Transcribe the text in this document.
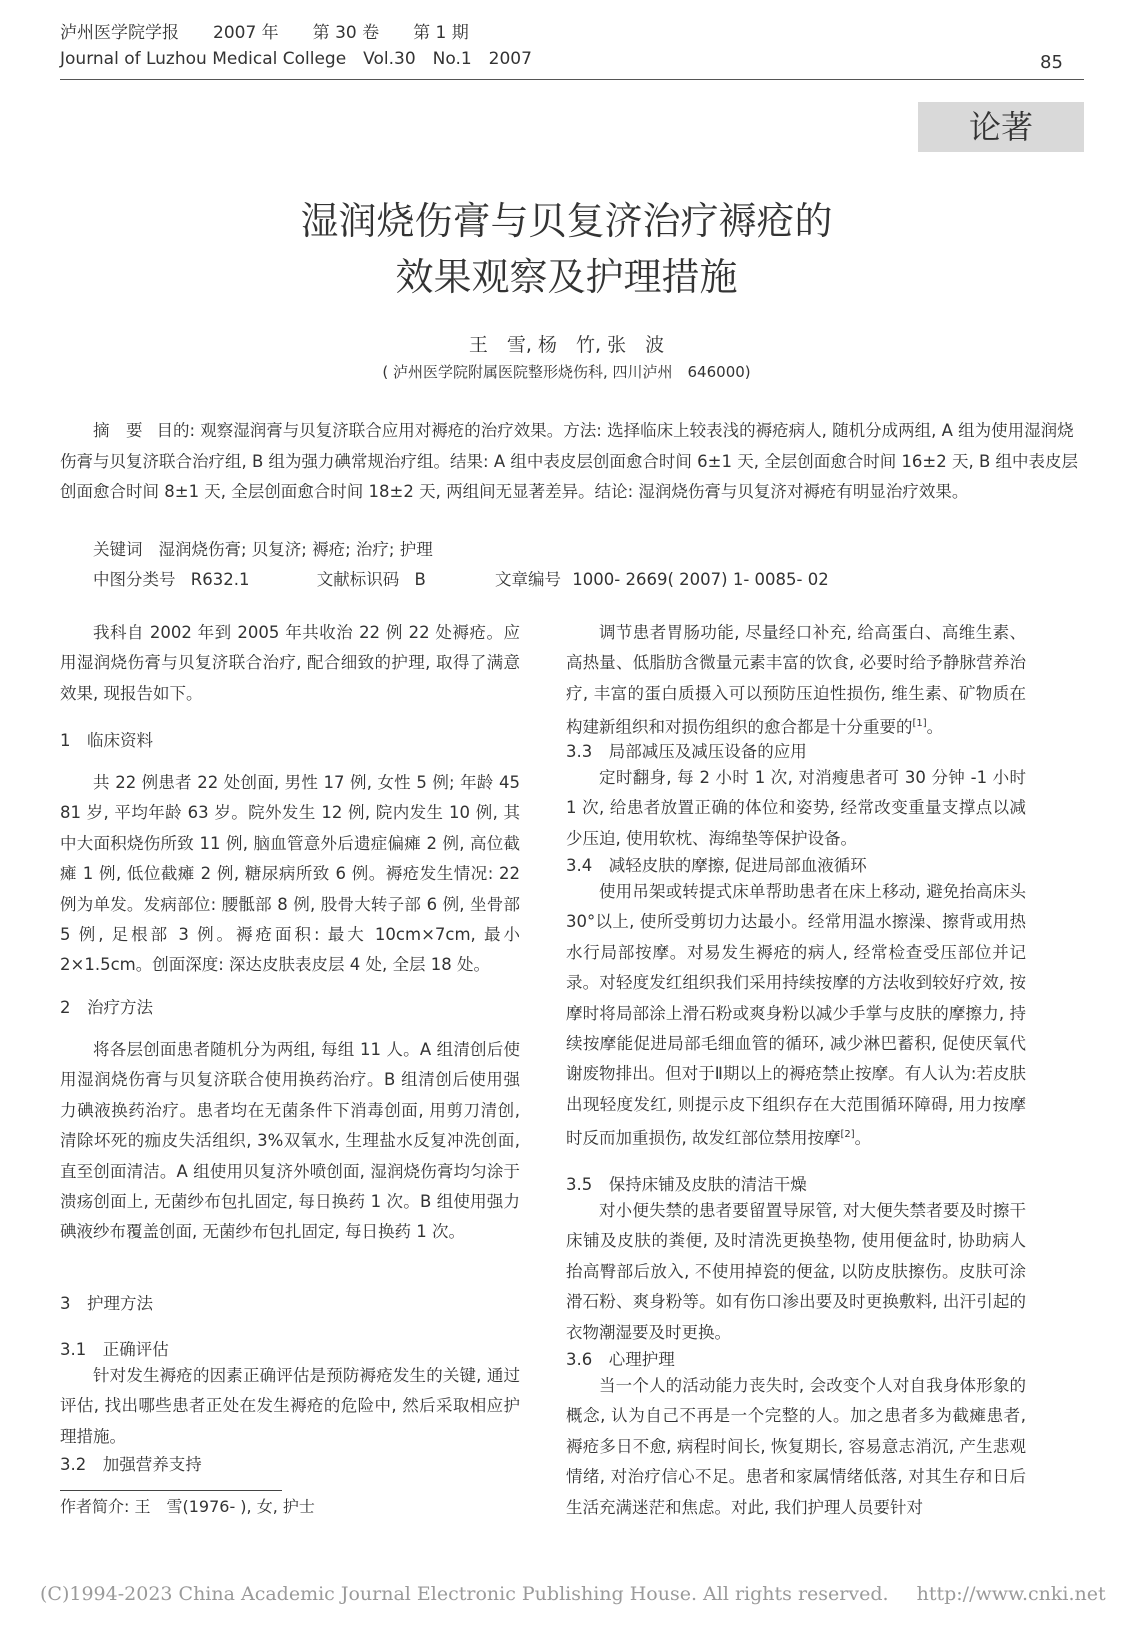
泸州医学院学报　　2007 年　　第 30 卷　　第 1 期
Journal of Luzhou Medical College　Vol.30　No.1　2007	85
论著
湿润烧伤膏与贝复济治疗褥疮的
效果观察及护理措施
王　雪, 杨　竹, 张　波
( 泸州医学院附属医院整形烧伤科, 四川泸州　646000)
摘　要 目的: 观察湿润膏与贝复济联合应用对褥疮的治疗效果。方法: 选择临床上较表浅的褥疮病人, 随机分成两组, A 组为使用湿润烧伤膏与贝复济联合治疗组, B 组为强力碘常规治疗组。结果: A 组中表皮层创面愈合时间 6±1 天, 全层创面愈合时间 16±2 天, B 组中表皮层创面愈合时间 8±1 天, 全层创面愈合时间 18±2 天, 两组间无显著差异。结论: 湿润烧伤膏与贝复济对褥疮有明显治疗效果。
关键词 湿润烧伤膏; 贝复济; 褥疮; 治疗; 护理
中图分类号 R632.1	文献标识码 B	文章编号 1000- 2669( 2007) 1- 0085- 02

我科自 2002 年到 2005 年共收治 22 例 22 处褥疮。应用湿润烧伤膏与贝复济联合治疗, 配合细致的护理, 取得了满意效果, 现报告如下。

1　临床资料

共 22 例患者 22 处创面, 男性 17 例, 女性 5 例; 年龄 45 81 岁, 平均年龄 63 岁。院外发生 12 例, 院内发生 10 例, 其中大面积烧伤所致 11 例, 脑血管意外后遗症偏瘫 2 例, 高位截瘫 1 例, 低位截瘫 2 例, 糖尿病所致 6 例。褥疮发生情况: 22 例为单发。发病部位: 腰骶部 8 例, 股骨大转子部 6 例, 坐骨部 5 例, 足根部 3 例。褥疮面积: 最大 10cm×7cm, 最小 2×1.5cm。创面深度: 深达皮肤表皮层 4 处, 全层 18 处。

2　治疗方法

将各层创面患者随机分为两组, 每组 11 人。A 组清创后使用湿润烧伤膏与贝复济联合使用换药治疗。B 组清创后使用强力碘液换药治疗。患者均在无菌条件下消毒创面, 用剪刀清创, 清除坏死的痂皮失活组织, 3%双氧水, 生理盐水反复冲洗创面, 直至创面清洁。A 组使用贝复济外喷创面, 湿润烧伤膏均匀涂于溃疡创面上, 无菌纱布包扎固定, 每日换药 1 次。B 组使用强力碘液纱布覆盖创面, 无菌纱布包扎固定, 每日换药 1 次。

3　护理方法
3.1　正确评估

针对发生褥疮的因素正确评估是预防褥疮发生的关键, 通过评估, 找出哪些患者正处在发生褥疮的危险中, 然后采取相应护理措施。

3.2　加强营养支持
作者简介: 王　雪(1976- ), 女, 护士

调节患者胃肠功能, 尽量经口补充, 给高蛋白、高维生素、高热量、低脂肪含微量元素丰富的饮食, 必要时给予静脉营养治疗, 丰富的蛋白质摄入可以预防压迫性损伤, 维生素、矿物质在构建新组织和对损伤组织的愈合都是十分重要的[1]。

3.3　局部减压及减压设备的应用

定时翻身, 每 2 小时 1 次, 对消瘦患者可 30 分钟 -1 小时 1 次, 给患者放置正确的体位和姿势, 经常改变重量支撑点以减少压迫, 使用软枕、海绵垫等保护设备。

3.4　减轻皮肤的摩擦, 促进局部血液循环

使用吊架或转提式床单帮助患者在床上移动, 避免抬高床头 30°以上, 使所受剪切力达最小。经常用温水擦澡、擦背或用热水行局部按摩。对易发生褥疮的病人, 经常检查受压部位并记录。对轻度发红组织我们采用持续按摩的方法收到较好疗效, 按摩时将局部涂上滑石粉或爽身粉以减少手掌与皮肤的摩擦力, 持续按摩能促进局部毛细血管的循环, 减少淋巴蓄积, 促使厌氧代谢废物排出。但对于Ⅱ期以上的褥疮禁止按摩。有人认为:若皮肤出现轻度发红, 则提示皮下组织存在大范围循环障碍, 用力按摩时反而加重损伤, 故发红部位禁用按摩[2]。

3.5　保持床铺及皮肤的清洁干燥

对小便失禁的患者要留置导尿管, 对大便失禁者要及时擦干床铺及皮肤的粪便, 及时清洗更换垫物, 使用便盆时, 协助病人抬高臀部后放入, 不使用掉瓷的便盆, 以防皮肤擦伤。皮肤可涂滑石粉、爽身粉等。如有伤口渗出要及时更换敷料, 出汗引起的衣物潮湿要及时更换。

3.6　心理护理

当一个人的活动能力丧失时, 会改变个人对自我身体形象的概念, 认为自己不再是一个完整的人。加之患者多为截瘫患者, 褥疮多日不愈, 病程时间长, 恢复期长, 容易意志消沉, 产生悲观情绪, 对治疗信心不足。患者和家属情绪低落, 对其生存和日后生活充满迷茫和焦虑。对此, 我们护理人员要针对

(C)1994-2023 China Academic Journal Electronic Publishing House. All rights reserved. http://www.cnki.net
